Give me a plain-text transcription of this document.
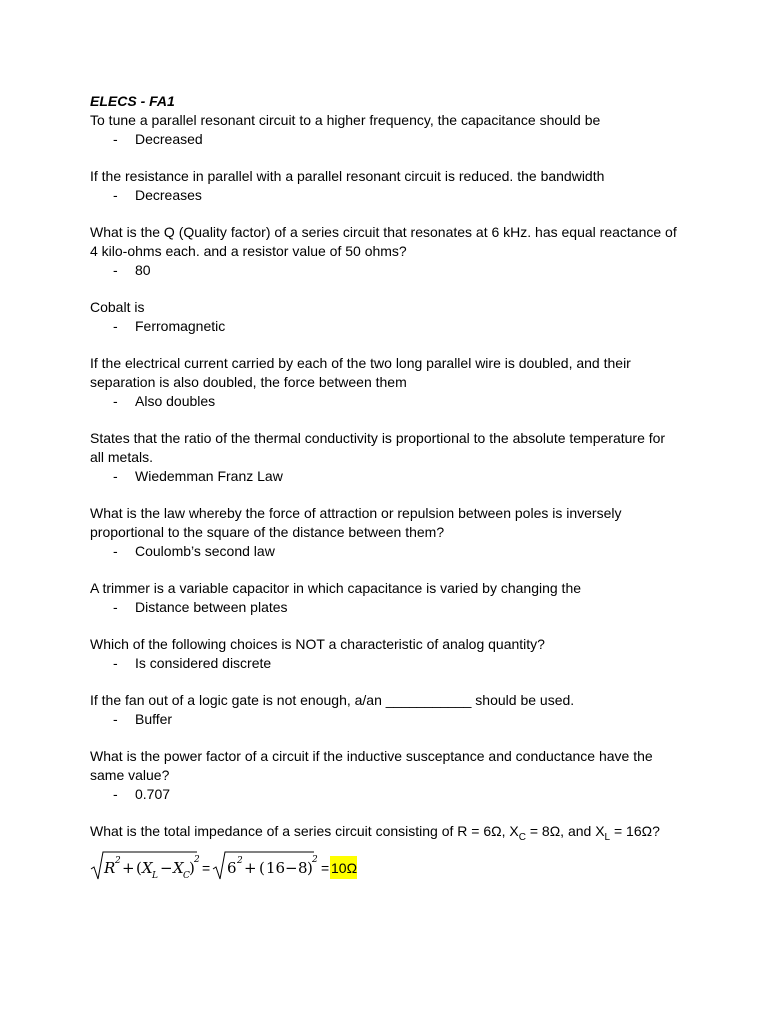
ELECS - FA1

To tune a parallel resonant circuit to a higher frequency, the capacitance should be

- Decreased

If the resistance in parallel with a parallel resonant circuit is reduced. the bandwidth

- Decreases

What is the Q (Quality factor) of a series circuit that resonates at 6 kHz. has equal reactance of 4 kilo-ohms each. and a resistor value of 50 ohms?

- 80

Cobalt is

- Ferromagnetic

If the electrical current carried by each of the two long parallel wire is doubled, and their separation is also doubled, the force between them

- Also doubles

States that the ratio of the thermal conductivity is proportional to the absolute temperature for all metals.

- Wiedemman Franz Law

What is the law whereby the force of attraction or repulsion between poles is inversely proportional to the square of the distance between them?

- Coulomb’s second law

A trimmer is a variable capacitor in which capacitance is varied by changing the

- Distance between plates

Which of the following choices is NOT a characteristic of analog quantity?

- Is considered discrete

If the fan out of a logic gate is not enough, a/an ___________ should be used.

- Buffer

What is the power factor of a circuit if the inductive susceptance and conductance have the same value?

- 0.707

What is the total impedance of a series circuit consisting of R = 6Ω, $X_C = 8\Omega$, and $X_L = 16\Omega$?

R 2 + ( X L − X C ) 2 = 6 2 + ( 16 − 8 ) 2 = 10Ω
